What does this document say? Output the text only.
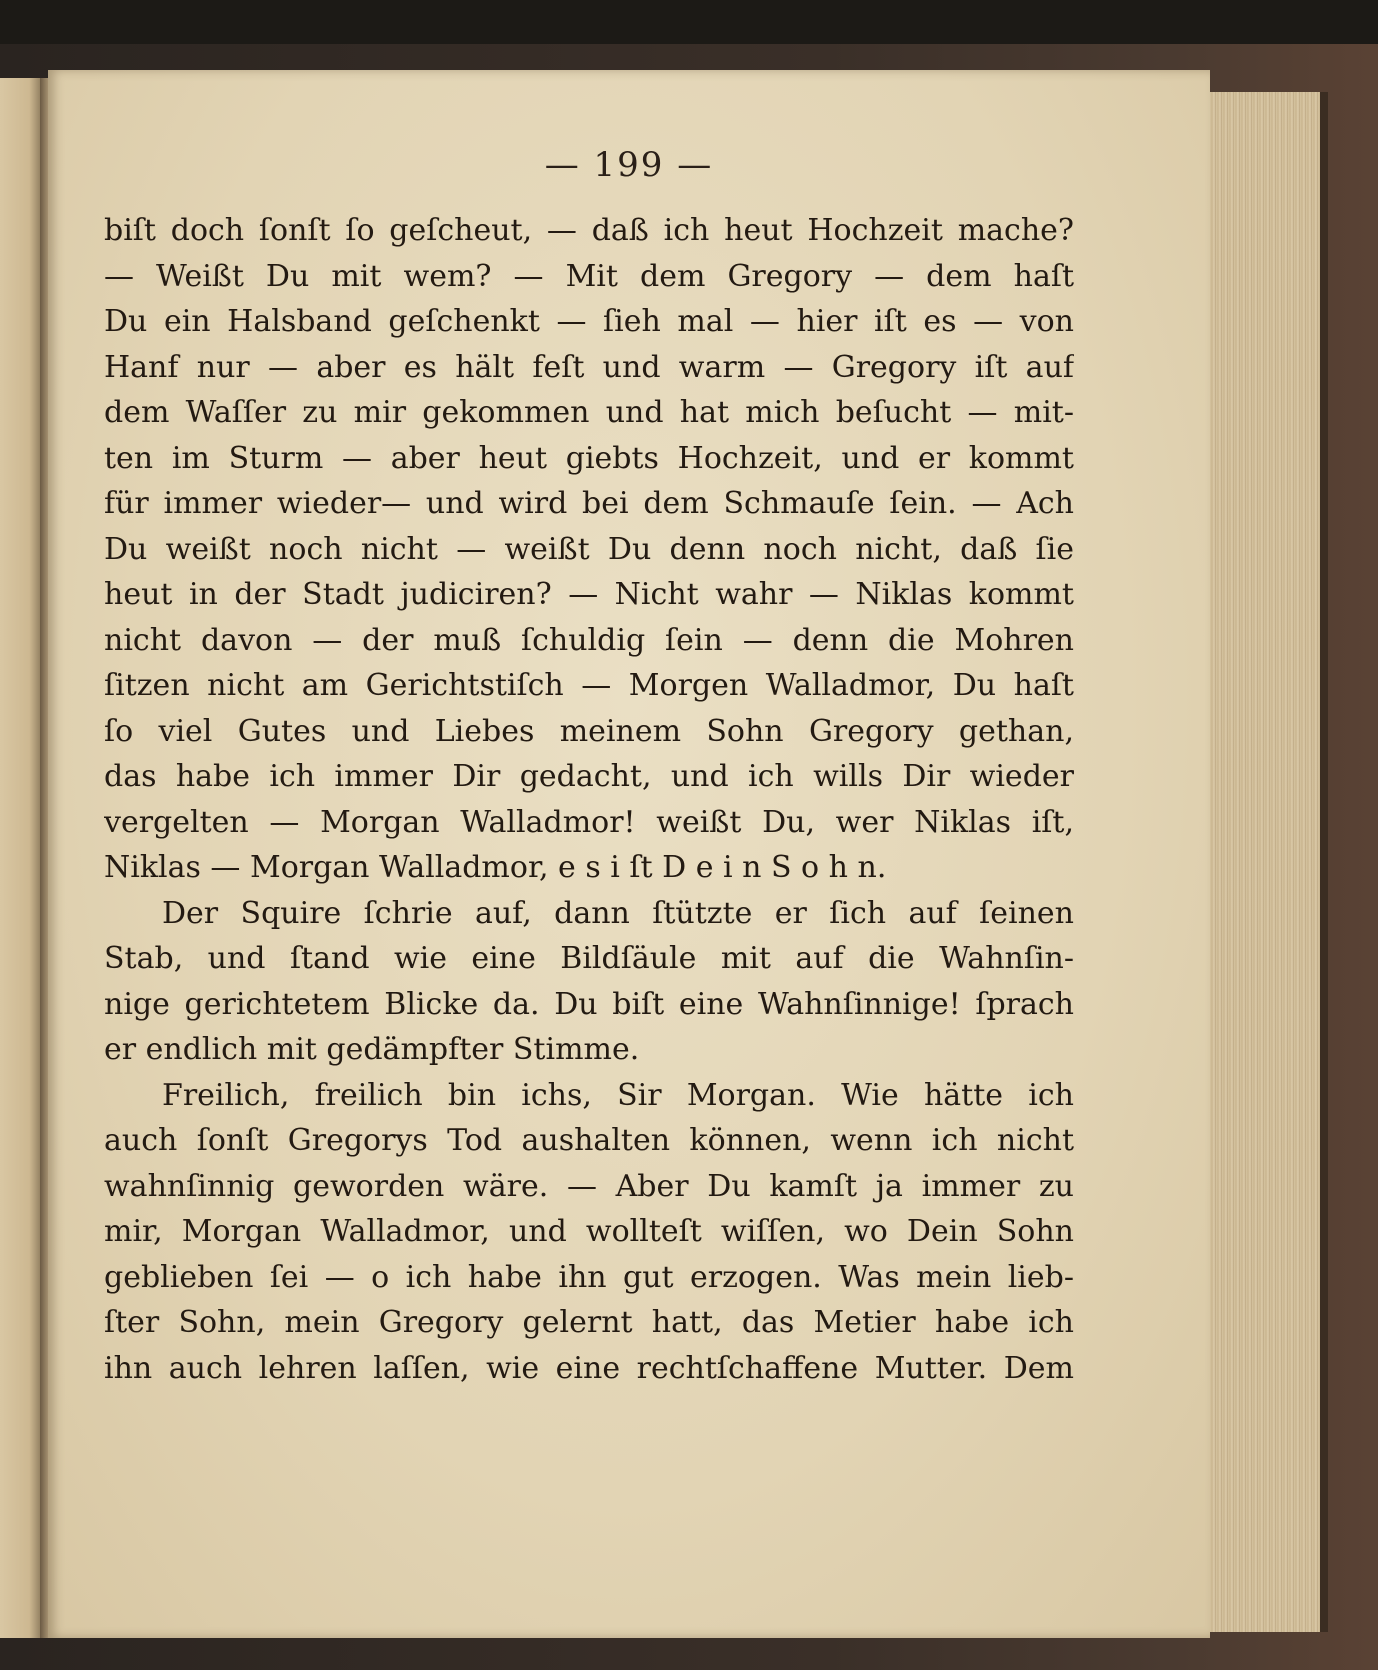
— 199 —
biſt doch ſonſt ſo geſcheut, — daß ich heut Hochzeit mache?
— Weißt Du mit wem? — Mit dem Gregory — dem haſt
Du ein Halsband geſchenkt — ſieh mal — hier iſt es — von
Hanf nur — aber es hält feſt und warm — Gregory iſt auf
dem Waſſer zu mir gekommen und hat mich beſucht — mit-
ten im Sturm — aber heut giebts Hochzeit, und er kommt
für immer wieder— und wird bei dem Schmauſe ſein. — Ach
Du weißt noch nicht — weißt Du denn noch nicht, daß ſie
heut in der Stadt judiciren? — Nicht wahr — Niklas kommt
nicht davon — der muß ſchuldig ſein — denn die Mohren
ſitzen nicht am Gerichtstiſch — Morgen Walladmor, Du haſt
ſo viel Gutes und Liebes meinem Sohn Gregory gethan,
das habe ich immer Dir gedacht, und ich wills Dir wieder
vergelten — Morgan Walladmor! weißt Du, wer Niklas iſt,
Niklas — Morgan Walladmor, e s i ſt D e i n S o h n.
Der Squire ſchrie auf, dann ſtützte er ſich auf ſeinen
Stab, und ſtand wie eine Bildſäule mit auf die Wahnſin-
nige gerichtetem Blicke da. Du biſt eine Wahnſinnige! ſprach
er endlich mit gedämpfter Stimme.
Freilich, freilich bin ichs, Sir Morgan. Wie hätte ich
auch ſonſt Gregorys Tod aushalten können, wenn ich nicht
wahnſinnig geworden wäre. — Aber Du kamſt ja immer zu
mir, Morgan Walladmor, und wollteſt wiſſen, wo Dein Sohn
geblieben ſei — o ich habe ihn gut erzogen. Was mein lieb-
ſter Sohn, mein Gregory gelernt hatt, das Metier habe ich
ihn auch lehren laſſen, wie eine rechtſchaffene Mutter. Dem
